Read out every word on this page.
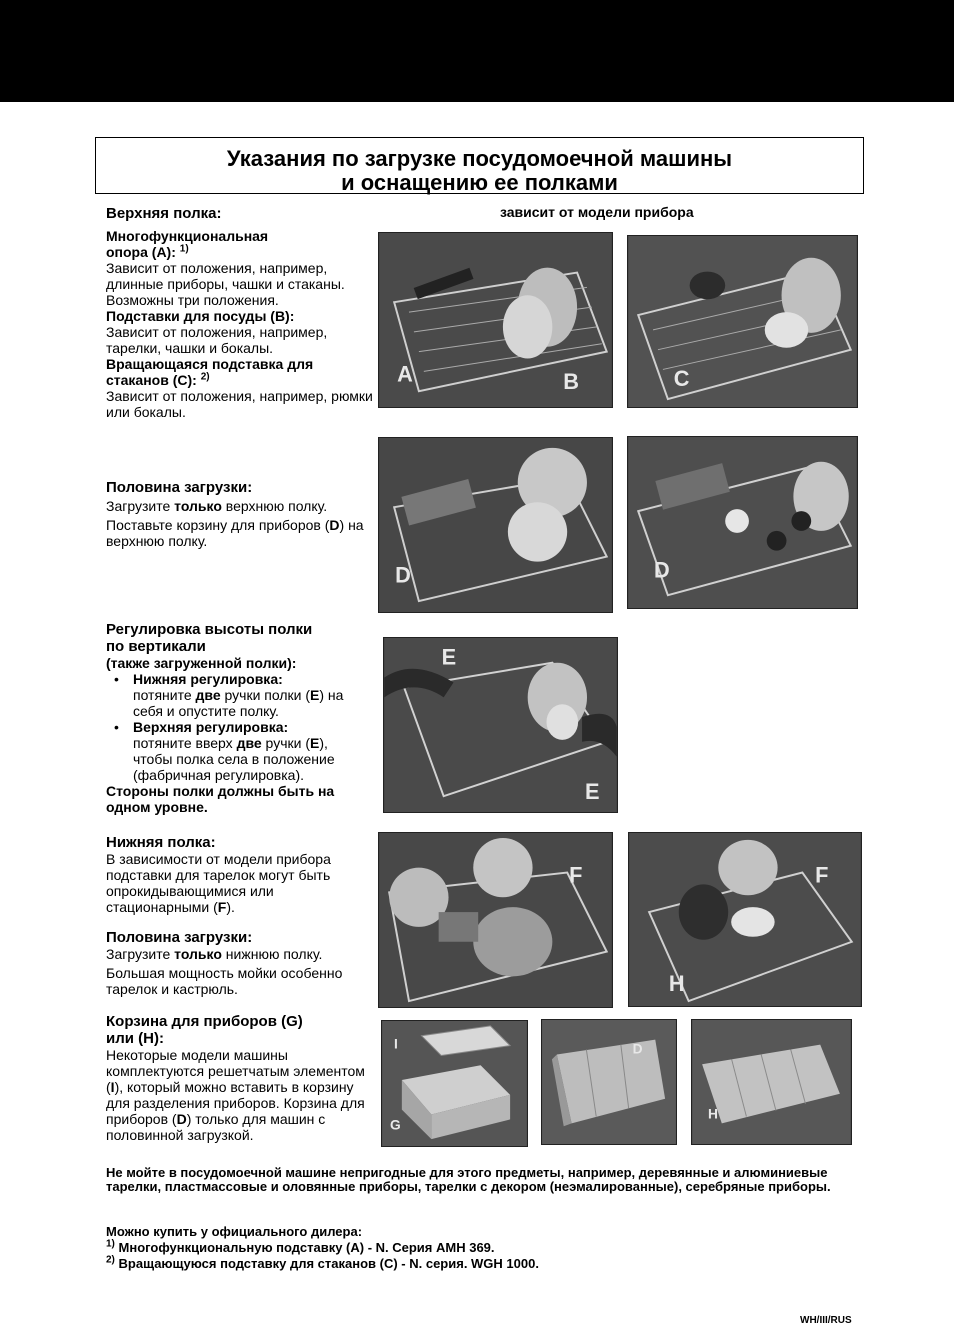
Указания по загрузке посудомоечной машины
и оснащению ее полками
зависит от модели прибора
Верхняя полка:
Многофункциональная
опора (A): $^{1)}$
Зависит от положения, например, длинные приборы, чашки и стаканы. Возможны три положения.
Подставки для посуды (B):
Зависит от положения, например, тарелки, чашки и бокалы.
Вращающаяся подставка для
стаканов (C): $^{2)}$
Зависит от положения, например, рюмки или бокалы.
Половина загрузки:
Загрузите только верхнюю полку.
Поставьте корзину для приборов (D) на верхнюю полку.
Регулировка высоты полки
по вертикали
(также загруженной полки):
• Нижняя регулировка:
потяните две ручки полки (E) на себя и опустите полку.
• Верхняя регулировка:
потяните вверх две ручки (E), чтобы полка села в положение (фабричная регулировка).
Стороны полки должны быть на одном уровне.
Нижняя полка:
В зависимости от модели прибора подставки для тарелок могут быть опрокидывающимися или стационарными (F).
Половина загрузки:
Загрузите только нижнюю полку.
Большая мощность мойки особенно тарелок и кастрюль.
Корзина для приборов (G)
или (H):
Некоторые модели машины комплектуются решетчатым элементом (I), который можно вставить в корзину для разделения приборов. Корзина для приборов (D) только для машин с половинной загрузкой.
A	B	C
D	D
E
E
F	F
H
I
G
D
H
Не мойте в посудомоечной машине непригодные для этого предметы, например, деревянные и алюминиевые тарелки, пластмассовые и оловянные приборы, тарелки с декором (неэмалированные), серебряные приборы.
Можно купить у официального дилера:
$^{1)}$ Многофункциональную подставку (A) - N. Серия AMH 369.
$^{2)}$ Вращающуюся подставку для стаканов (C) - N. серия. WGH 1000.
WH/III/RUS
